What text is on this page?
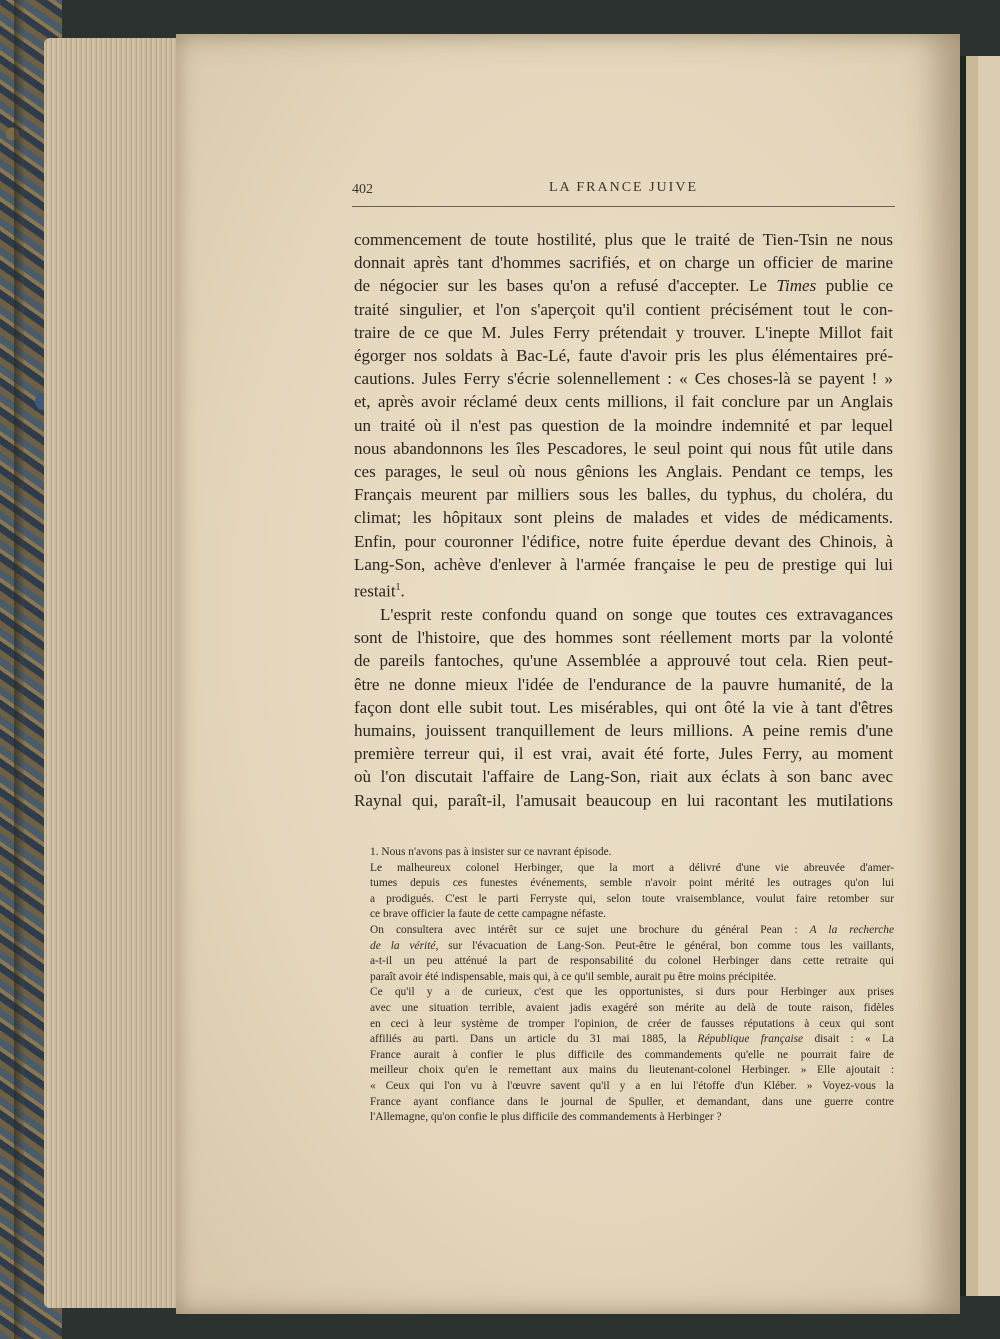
402	LA FRANCE JUIVE

commencement de toute hostilité, plus que le traité de Tien-Tsin ne nous
donnait après tant d'hommes sacrifiés, et on charge un officier de marine
de négocier sur les bases qu'on a refusé d'accepter. Le Times publie ce
traité singulier, et l'on s'aperçoit qu'il contient précisément tout le con-
traire de ce que M. Jules Ferry prétendait y trouver. L'inepte Millot fait
égorger nos soldats à Bac-Lé, faute d'avoir pris les plus élémentaires pré-
cautions. Jules Ferry s'écrie solennellement : « Ces choses-là se payent ! »
et, après avoir réclamé deux cents millions, il fait conclure par un Anglais
un traité où il n'est pas question de la moindre indemnité et par lequel
nous abandonnons les îles Pescadores, le seul point qui nous fût utile dans
ces parages, le seul où nous gênions les Anglais. Pendant ce temps, les
Français meurent par milliers sous les balles, du typhus, du choléra, du
climat; les hôpitaux sont pleins de malades et vides de médicaments.
Enfin, pour couronner l'édifice, notre fuite éperdue devant des Chinois, à
Lang-Son, achève d'enlever à l'armée française le peu de prestige qui lui
restait$^1$.

L'esprit reste confondu quand on songe que toutes ces extravagances
sont de l'histoire, que des hommes sont réellement morts par la volonté
de pareils fantoches, qu'une Assemblée a approuvé tout cela. Rien peut-
être ne donne mieux l'idée de l'endurance de la pauvre humanité, de la
façon dont elle subit tout. Les misérables, qui ont ôté la vie à tant d'êtres
humains, jouissent tranquillement de leurs millions. A peine remis d'une
première terreur qui, il est vrai, avait été forte, Jules Ferry, au moment
où l'on discutait l'affaire de Lang-Son, riait aux éclats à son banc avec
Raynal qui, paraît-il, l'amusait beaucoup en lui racontant les mutilations

1. Nous n'avons pas à insister sur ce navrant épisode.

Le malheureux colonel Herbinger, que la mort a délivré d'une vie abreuvée d'amer-
tumes depuis ces funestes événements, semble n'avoir point mérité les outrages qu'on lui
a prodigués. C'est le parti Ferryste qui, selon toute vraisemblance, voulut faire retomber sur
ce brave officier la faute de cette campagne néfaste.

On consultera avec intérêt sur ce sujet une brochure du général Pean : A la recherche
de la vérité, sur l'évacuation de Lang-Son. Peut-être le général, bon comme tous les vaillants,
a-t-il un peu atténué la part de responsabilité du colonel Herbinger dans cette retraite qui
paraît avoir été indispensable, mais qui, à ce qu'il semble, aurait pu être moins précipitée.

Ce qu'il y a de curieux, c'est que les opportunistes, si durs pour Herbinger aux prises
avec une situation terrible, avaient jadis exagéré son mérite au delà de toute raison, fidèles
en ceci à leur système de tromper l'opinion, de créer de fausses réputations à ceux qui sont
affiliés au parti. Dans un article du 31 mai 1885, la République française disait : « La
France aurait à confier le plus difficile des commandements qu'elle ne pourrait faire de
meilleur choix qu'en le remettant aux mains du lieutenant-colonel Herbinger. » Elle ajoutait :
« Ceux qui l'on vu à l'œuvre savent qu'il y a en lui l'étoffe d'un Kléber. » Voyez-vous la
France ayant confiance dans le journal de Spuller, et demandant, dans une guerre contre
l'Allemagne, qu'on confie le plus difficile des commandements à Herbinger ?
